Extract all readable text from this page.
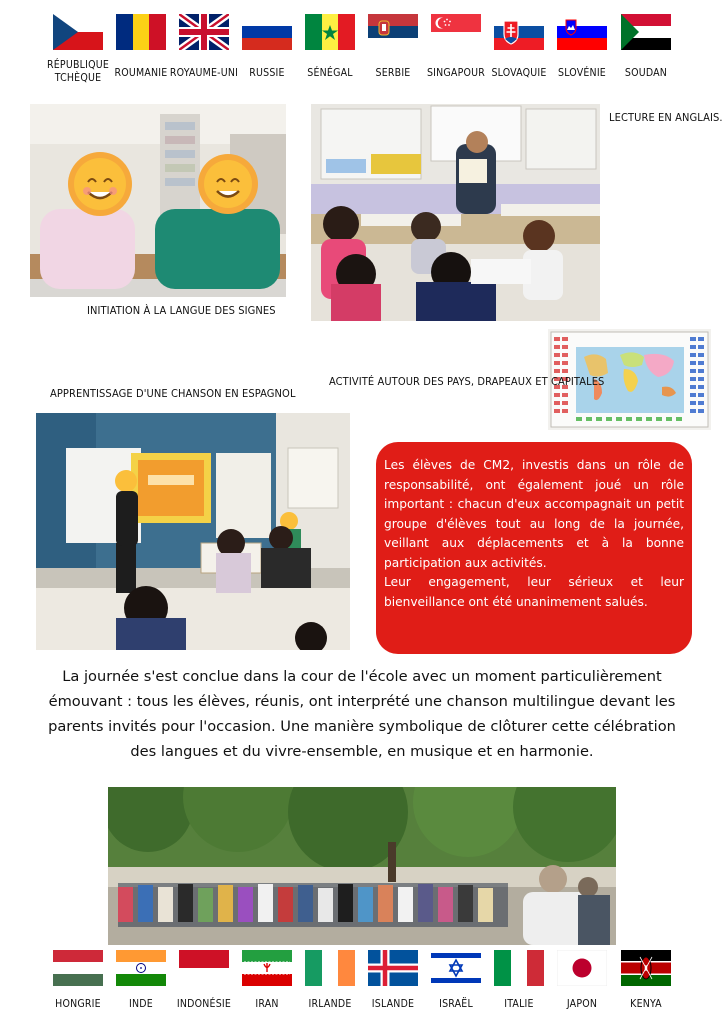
RÉPUBLIQUE
TCHÈQUE	ROUMANIE ROYAUME-UNI	RUSSIE	SÉNÉGAL	SERBIE	SINGAPOUR SLOVAQUIE	SLOVÉNIE	SOUDAN
LECTURE EN ANGLAIS.
INITIATION À LA LANGUE DES SIGNES
ACTIVITÉ AUTOUR DES PAYS, DRAPEAUX ET CAPITALES
APPRENTISSAGE D'UNE CHANSON EN ESPAGNOL

Les élèves de CM2, investis dans un rôle de responsabilité, ont également joué un rôle important : chacun d'eux accompagnait un petit groupe d'élèves tout au long de la journée, veillant aux déplacements et à la bonne participation aux activités.

Leur engagement, leur sérieux et leur bienveillance ont été unanimement salués.

La journée s'est conclue dans la cour de l'école avec un moment particulièrement émouvant : tous les élèves, réunis, ont interprété une chanson multilingue devant les parents invités pour l'occasion. Une manière symbolique de clôturer cette célébration des langues et du vivre-ensemble, en musique et en harmonie.
HONGRIE	INDE	INDONÉSIE	IRAN	IRLANDE	ISLANDE	ISRAËL	ITALIE	JAPON	KENYA
